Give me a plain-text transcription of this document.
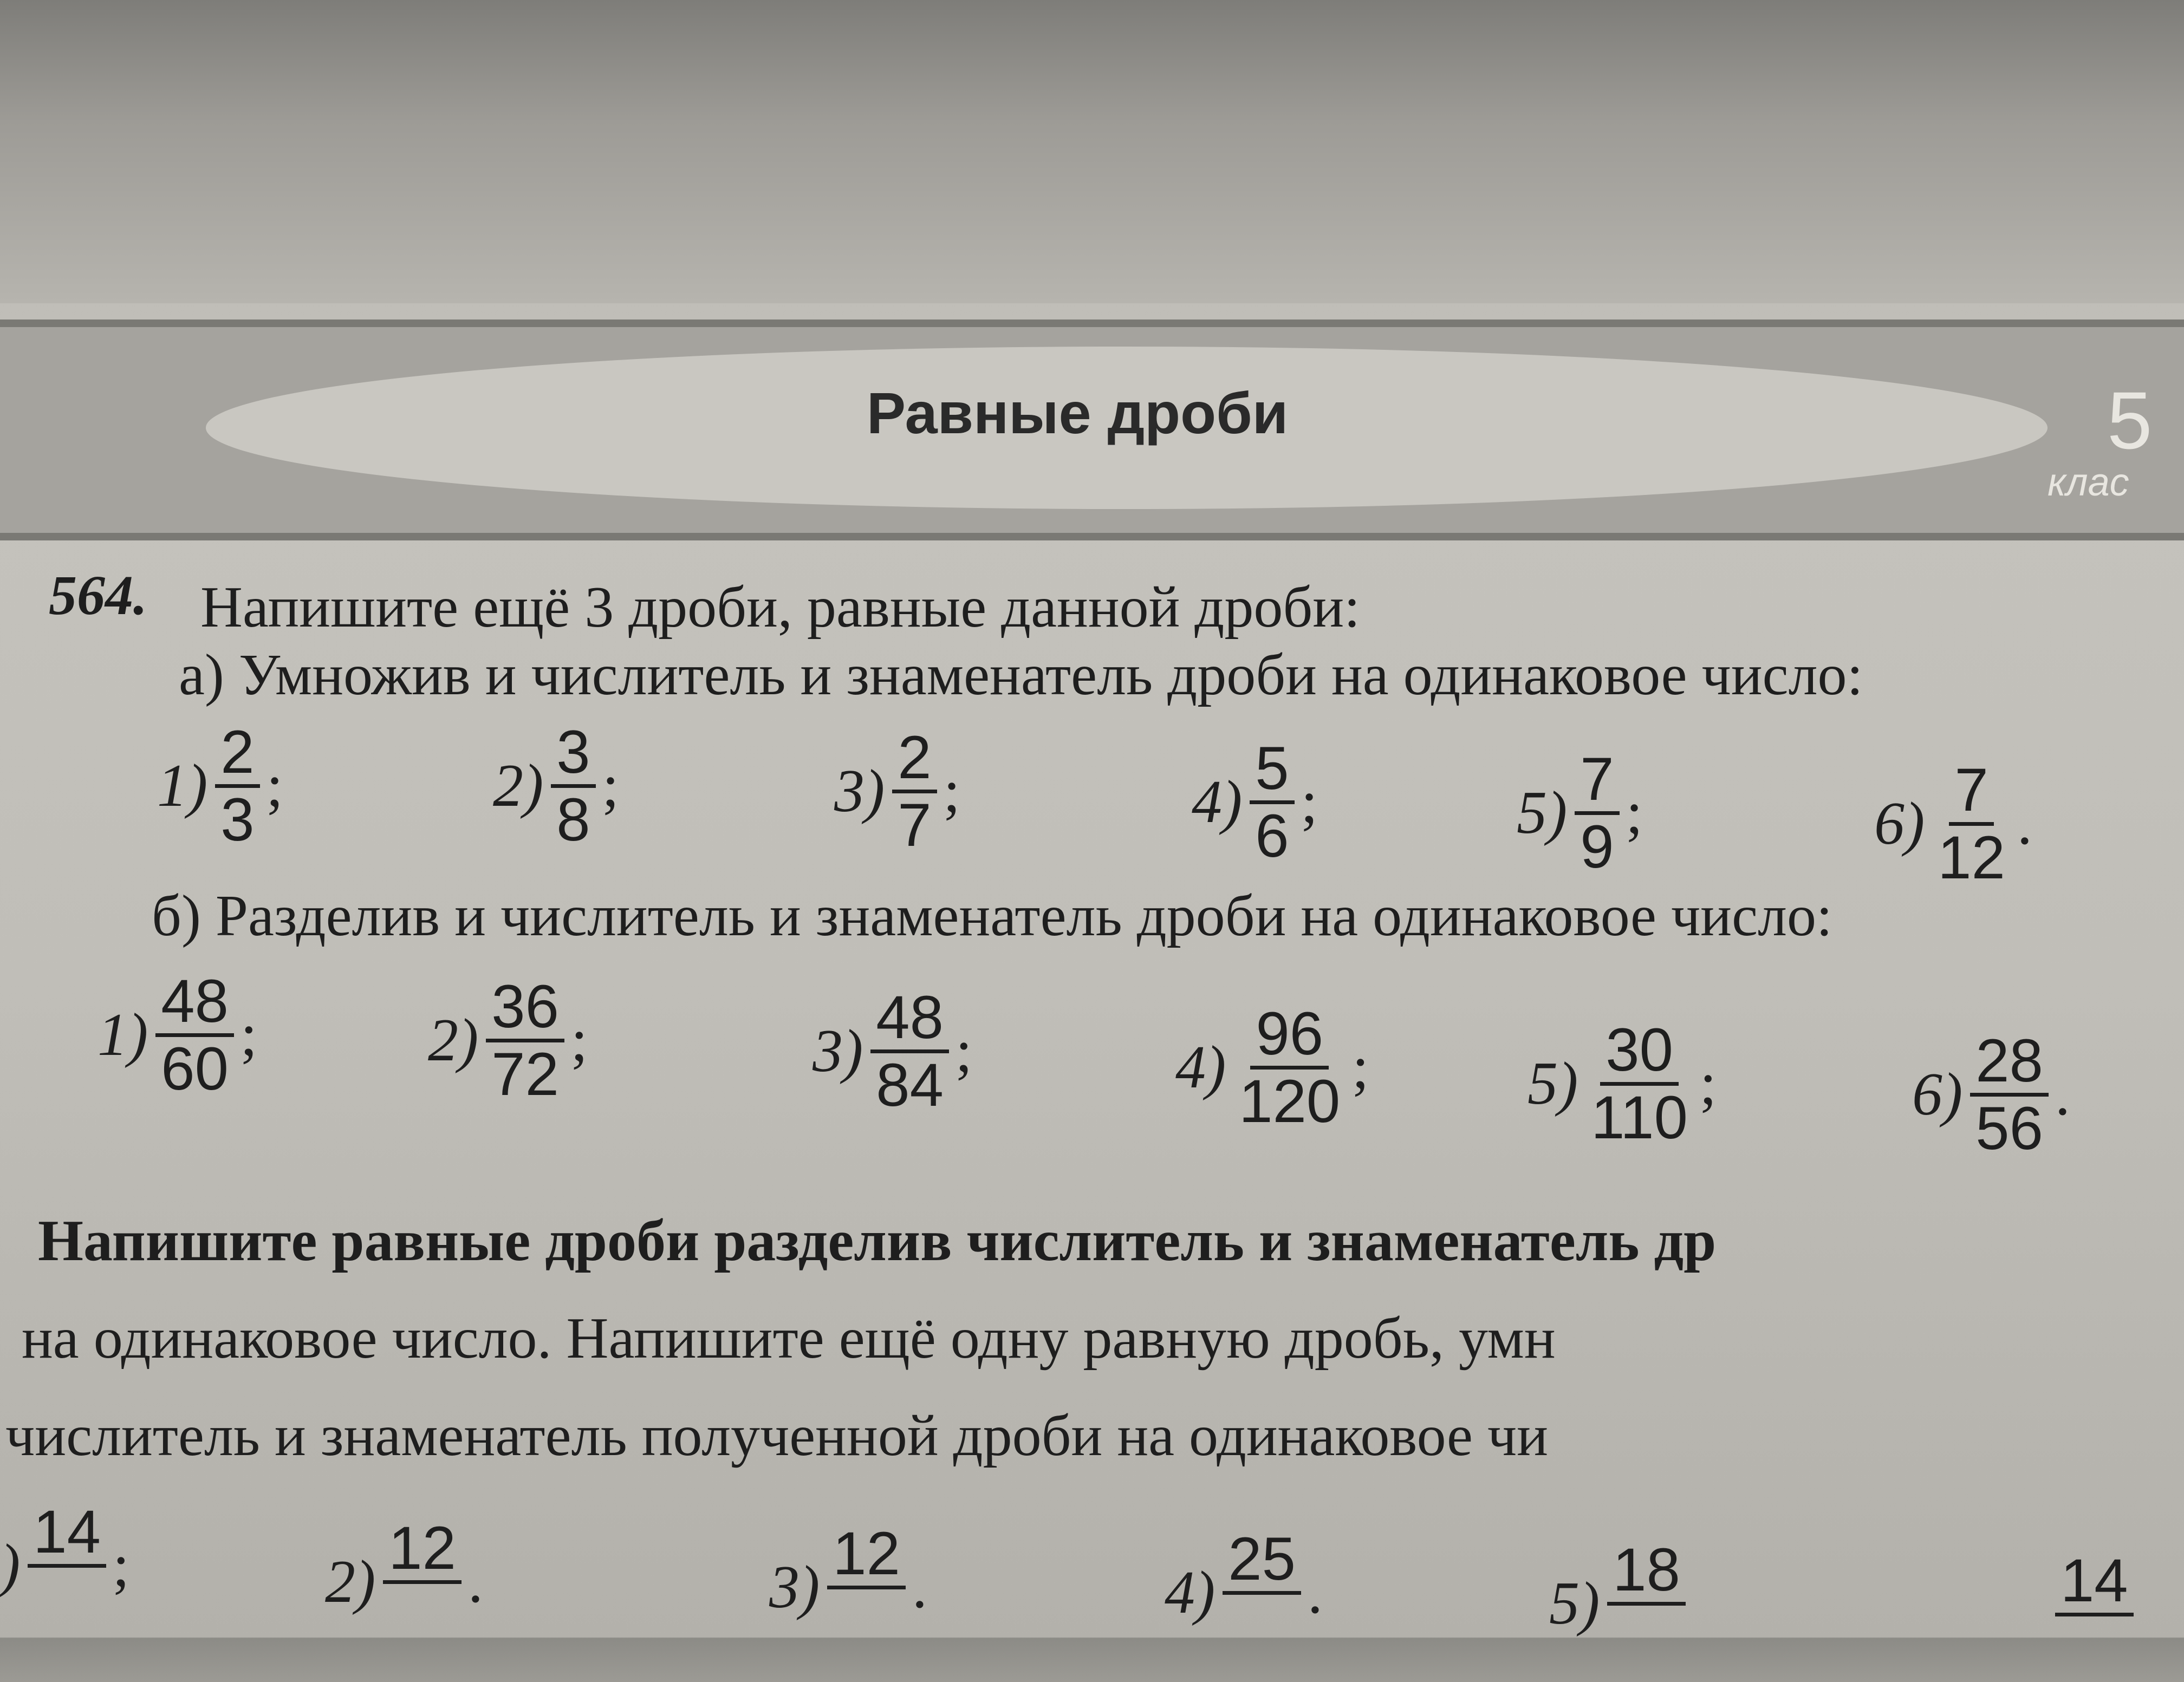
Равные дроби	5
клас
564. Напишите ещё 3 дроби, равные данной дроби:
а) Умножив и числитель и знаменатель дроби на одинаковое число:
$1) \frac{2}{3}$ ;	$2) \frac{3}{8}$ ;	$3) \frac{2}{7}$ ;	$4) \frac{5}{6}$ ;	$5) \frac{7}{9}$ ;	$6) \frac{7}{12}$ .
б) Разделив и числитель и знаменатель дроби на одинаковое число:
$1) \frac{48}{60}$ ;	$2) \frac{36}{72}$ ;	$3) \frac{48}{84}$ ;	$4) \frac{96}{120}$ ;	$5) \frac{30}{110}$ ;	$6) \frac{28}{56}$ .
Напишите равные дроби разделив числитель и знаменатель др
на одинаковое число. Напишите ещё одну равную дробь, умн
числитель и знаменатель полученной дроби на одинаковое чи
) 14
;	2) 12
.	3) 12
.	4) 25
.	5) 18
	14
